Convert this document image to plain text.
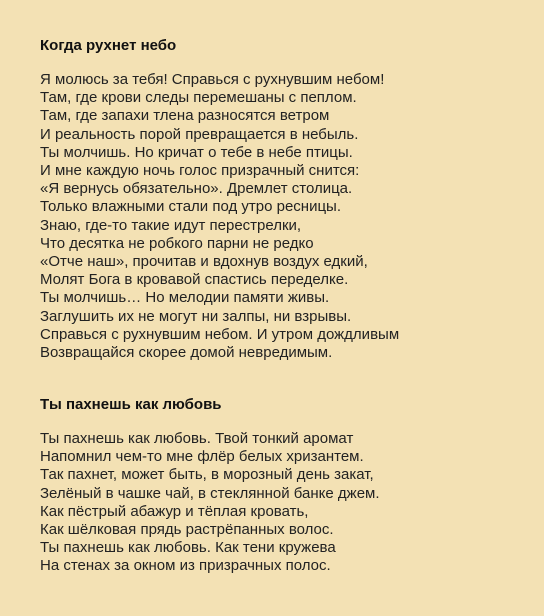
Когда рухнет небо
Я молюсь за тебя! Справься с рухнувшим небом!
Там, где крови следы перемешаны с пеплом.
Там, где запахи тлена разносятся ветром
И реальность порой превращается в небыль.
Ты молчишь. Но кричат о тебе в небе птицы.
И мне каждую ночь голос призрачный снится:
«Я вернусь обязательно». Дремлет столица.
Только влажными стали под утро ресницы.
Знаю, где-то такие идут перестрелки,
Что десятка не робкого парни не редко
«Отче наш», прочитав и вдохнув воздух едкий,
Молят Бога в кровавой спастись переделке.
Ты молчишь… Но мелодии памяти живы.
Заглушить их не могут ни залпы, ни взрывы.
Справься с рухнувшим небом. И утром дождливым
Возвращайся скорее домой невредимым.
Ты пахнешь как любовь
Ты пахнешь как любовь. Твой тонкий аромат
Напомнил чем-то мне флёр белых хризантем.
Так пахнет, может быть, в морозный день закат,
Зелёный в чашке чай, в стеклянной банке джем.
Как пёстрый абажур и тёплая кровать,
Как шёлковая прядь растрёпанных волос.
Ты пахнешь как любовь. Как тени кружева
На стенах за окном из призрачных полос.
